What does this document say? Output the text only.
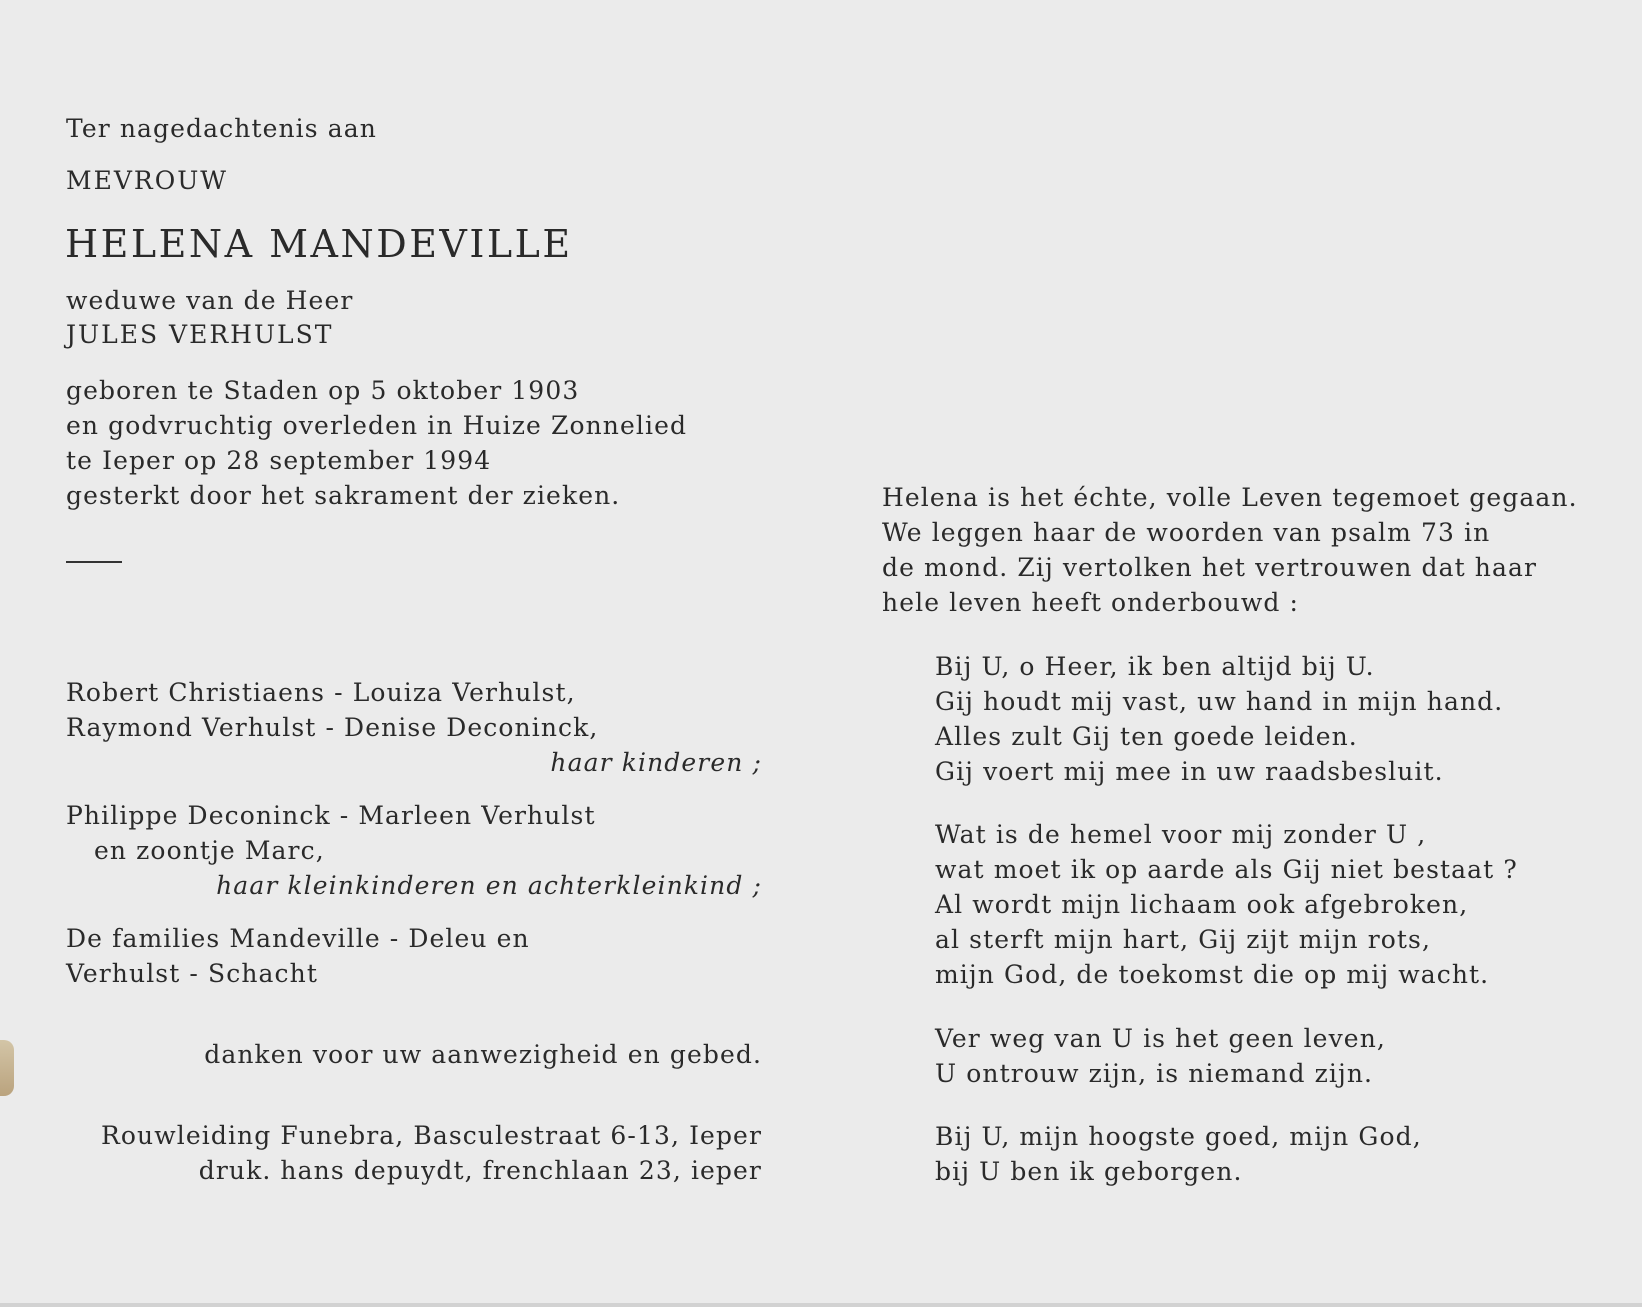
Ter nagedachtenis aan
MEVROUW
HELENA MANDEVILLE
weduwe van de Heer
JULES VERHULST
geboren te Staden op 5 oktober 1903
en godvruchtig overleden in Huize Zonnelied
te Ieper op 28 september 1994
gesterkt door het sakrament der zieken.
Robert Christiaens - Louiza Verhulst,
Raymond Verhulst - Denise Deconinck,
haar kinderen ;
Philippe Deconinck - Marleen Verhulst
en zoontje Marc,
haar kleinkinderen en achterkleinkind ;
De families Mandeville - Deleu en
Verhulst - Schacht
danken voor uw aanwezigheid en gebed.
Rouwleiding Funebra, Basculestraat 6-13, Ieper
druk. hans depuydt, frenchlaan 23, ieper
Helena is het échte, volle Leven tegemoet gegaan.
We leggen haar de woorden van psalm 73 in
de mond. Zij vertolken het vertrouwen dat haar
hele leven heeft onderbouwd :
Bij U, o Heer, ik ben altijd bij U.
Gij houdt mij vast, uw hand in mijn hand.
Alles zult Gij ten goede leiden.
Gij voert mij mee in uw raadsbesluit.
Wat is de hemel voor mij zonder U ,
wat moet ik op aarde als Gij niet bestaat ?
Al wordt mijn lichaam ook afgebroken,
al sterft mijn hart, Gij zijt mijn rots,
mijn God, de toekomst die op mij wacht.
Ver weg van U is het geen leven,
U ontrouw zijn, is niemand zijn.
Bij U, mijn hoogste goed, mijn God,
bij U ben ik geborgen.
